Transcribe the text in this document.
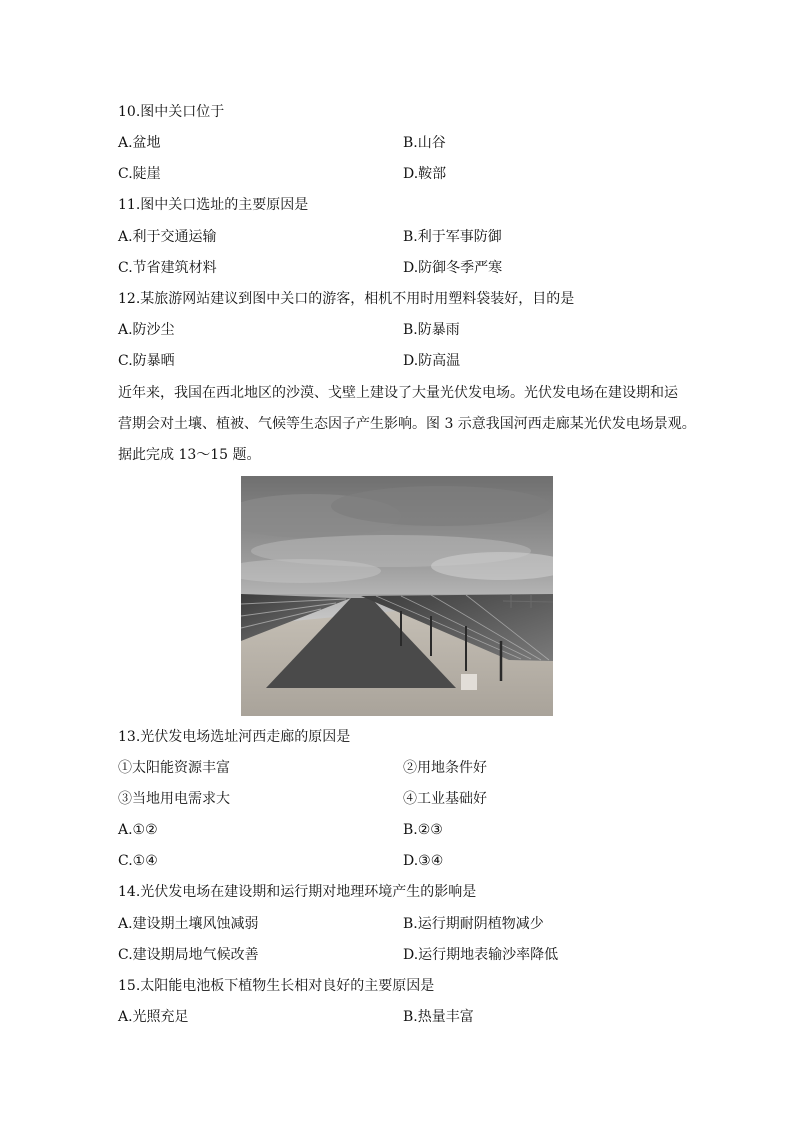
10.图中关口位于
A.盆地	B.山谷
C.陡崖	D.鞍部
11.图中关口选址的主要原因是
A.利于交通运输	B.利于军事防御
C.节省建筑材料	D.防御冬季严寒
12.某旅游网站建议到图中关口的游客，相机不用时用塑料袋装好，目的是
A.防沙尘	B.防暴雨
C.防暴晒	D.防高温
近年来，我国在西北地区的沙漠、戈壁上建设了大量光伏发电场。光伏发电场在建设期和运
营期会对土壤、植被、气候等生态因子产生影响。图 3 示意我国河西走廊某光伏发电场景观。
据此完成 13～15 题。
13.光伏发电场选址河西走廊的原因是
①太阳能资源丰富	②用地条件好
③当地用电需求大	④工业基础好
A.①②	B.②③
C.①④	D.③④
14.光伏发电场在建设期和运行期对地理环境产生的影响是
A.建设期土壤风蚀减弱	B.运行期耐阴植物减少
C.建设期局地气候改善	D.运行期地表输沙率降低
15.太阳能电池板下植物生长相对良好的主要原因是
A.光照充足	B.热量丰富
